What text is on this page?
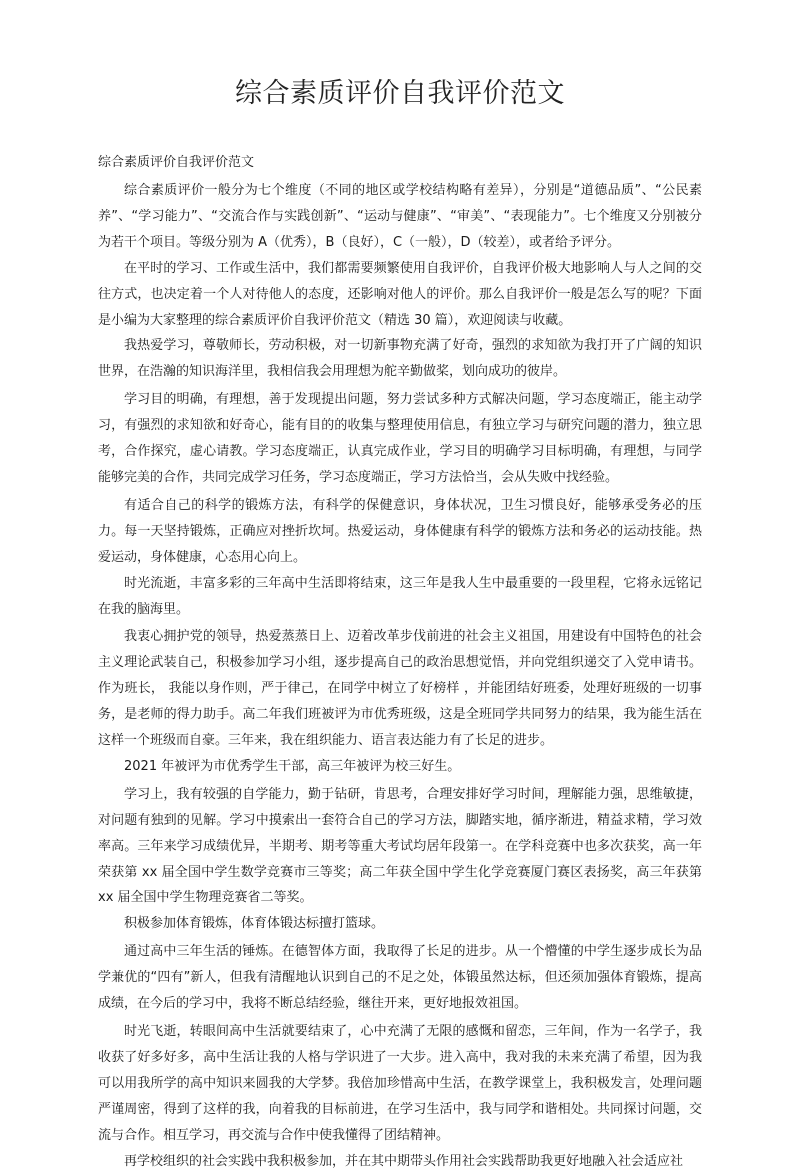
综合素质评价自我评价范文
综合素质评价自我评价范文

综合素质评价一般分为七个维度（不同的地区或学校结构略有差异），分别是“道德品质”、“公民素养”、“学习能力”、“交流合作与实践创新”、“运动与健康”、“审美”、“表现能力”。七个维度又分别被分为若干个项目。等级分别为 A（优秀），B（良好），C（一般），D（较差），或者给予评分。

在平时的学习、工作或生活中，我们都需要频繁使用自我评价，自我评价极大地影响人与人之间的交往方式，也决定着一个人对待他人的态度，还影响对他人的评价。那么自我评价一般是怎么写的呢？下面是小编为大家整理的综合素质评价自我评价范文（精选 30 篇），欢迎阅读与收藏。

我热爱学习，尊敬师长，劳动积极，对一切新事物充满了好奇，强烈的求知欲为我打开了广阔的知识世界，在浩瀚的知识海洋里，我相信我会用理想为舵辛勤做桨，划向成功的彼岸。

学习目的明确，有理想，善于发现提出问题，努力尝试多种方式解决问题，学习态度端正，能主动学习，有强烈的求知欲和好奇心，能有目的的收集与整理使用信息，有独立学习与研究问题的潜力，独立思考，合作探究，虚心请教。学习态度端正，认真完成作业，学习目的明确学习目标明确，有理想，与同学能够完美的合作，共同完成学习任务，学习态度端正，学习方法恰当，会从失败中找经验。

有适合自己的科学的锻炼方法，有科学的保健意识，身体状况，卫生习惯良好，能够承受务必的压力。每一天坚持锻炼，正确应对挫折坎坷。热爱运动，身体健康有科学的锻炼方法和务必的运动技能。热爱运动，身体健康，心态用心向上。

时光流逝，丰富多彩的三年高中生活即将结束，这三年是我人生中最重要的一段里程，它将永远铭记在我的脑海里。

我衷心拥护党的领导，热爱蒸蒸日上、迈着改革步伐前进的社会主义祖国，用建设有中国特色的社会主义理论武装自己，积极参加学习小组，逐步提高自己的政治思想觉悟，并向党组织递交了入党申请书。作为班长， 我能以身作则，严于律己，在同学中树立了好榜样 ，并能团结好班委，处理好班级的一切事务，是老师的得力助手。高二年我们班被评为市优秀班级，这是全班同学共同努力的结果，我为能生活在这样一个班级而自豪。三年来，我在组织能力、语言表达能力有了长足的进步。

2021 年被评为市优秀学生干部，高三年被评为校三好生。

学习上，我有较强的自学能力，勤于钻研，肯思考，合理安排好学习时间，理解能力强，思维敏捷，对问题有独到的见解。学习中摸索出一套符合自己的学习方法，脚踏实地，循序渐进，精益求精，学习效率高。三年来学习成绩优异，半期考、期考等重大考试均居年段第一。在学科竞赛中也多次获奖，高一年荣获第 xx 届全国中学生数学竞赛市三等奖；高二年获全国中学生化学竞赛厦门赛区表扬奖，高三年获第 xx 届全国中学生物理竞赛省二等奖。

积极参加体育锻炼，体育体锻达标擅打篮球。

通过高中三年生活的锤炼。在德智体方面，我取得了长足的进步。从一个懵懂的中学生逐步成长为品学兼优的“四有”新人，但我有清醒地认识到自己的不足之处，体锻虽然达标，但还须加强体育锻炼，提高成绩，在今后的学习中，我将不断总结经验，继往开来，更好地报效祖国。

时光飞逝，转眼间高中生活就要结束了，心中充满了无限的感慨和留恋，三年间，作为一名学子，我收获了好多好多，高中生活让我的人格与学识进了一大步。进入高中，我对我的未来充满了希望，因为我可以用我所学的高中知识来圆我的大学梦。我倍加珍惜高中生活，在教学课堂上，我积极发言，处理问题严谨周密，得到了这样的我，向着我的目标前进，在学习生活中，我与同学和谐相处。共同探讨问题，交流与合作。相互学习，再交流与合作中使我懂得了团结精神。

再学校组织的社会实践中我积极参加，并在其中期带头作用社会实践帮助我更好地融入社会适应社
